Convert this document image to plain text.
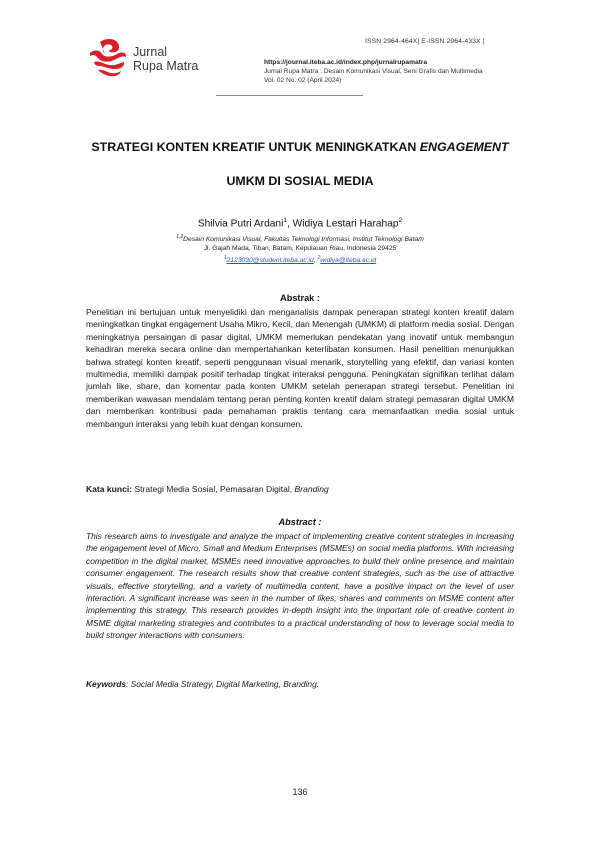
Jurnal
Rupa Matra
ISSN 2964-464X| E-ISSN 2964-433X |
https://journal.iteba.ac.id/index.php/jurnalrupamatra
Jurnal Rupa Matra : Desain Komunikasi Visual, Seni Grafis dan Multimedia
Vol. 02 No. 02 (April 2024)
STRATEGI KONTEN KREATIF UNTUK MENINGKATKAN ENGAGEMENT
UMKM DI SOSIAL MEDIA
Shilvia Putri Ardani$^1$, Widiya Lestari Harahap$^2$
$^{1,2}$Desain Komunikasi Visual, Fakultas Teknologi Informasi, Institut Teknologi Batam
Jl. Gajah Mada, Tiban, Batam, Kepulauan Riau, Indonesia 29425
$^1$2123030@student.iteba.ac.id, $^2$widiya@iteba.ac.id
Abstrak :
Penelitian ini bertujuan untuk menyelidiki dan menganalisis dampak penerapan strategi konten kreatif dalam meningkatkan tingkat engagement Usaha Mikro, Kecil, dan Menengah (UMKM) di platform media sosial. Dengan meningkatnya persaingan di pasar digital, UMKM memerlukan pendekatan yang inovatif untuk membangun kehadiran mereka secara online dan mempertahankan keterlibatan konsumen. Hasil penelitian menunjukkan bahwa strategi konten kreatif, seperti penggunaan visual menarik, storytelling yang efektif, dan variasi konten multimedia, memiliki dampak positif terhadap tingkat interaksi pengguna. Peningkatan signifikan terlihat dalam jumlah like, share, dan komentar pada konten UMKM setelah penerapan strategi tersebut. Penelitian ini memberikan wawasan mendalam tentang peran penting konten kreatif dalam strategi pemasaran digital UMKM dan memberikan kontribusi pada pemahaman praktis tentang cara memanfaatkan media sosial untuk membangun interaksi yang lebih kuat dengan konsumen.
Kata kunci: Strategi Media Sosial, Pemasaran Digital, Branding
Abstract :
This research aims to investigate and analyze the impact of implementing creative content strategies in increasing the engagement level of Micro, Small and Medium Enterprises (MSMEs) on social media platforms. With increasing competition in the digital market, MSMEs need innovative approaches to build their online presence and maintain consumer engagement. The research results show that creative content strategies, such as the use of attractive visuals, effective storytelling, and a variety of multimedia content, have a positive impact on the level of user interaction. A significant increase was seen in the number of likes, shares and comments on MSME content after implementing this strategy. This research provides in-depth insight into the important role of creative content in MSME digital marketing strategies and contributes to a practical understanding of how to leverage social media to build stronger interactions with consumers.
Keywords: Social Media Strategy, Digital Marketing, Branding.
136
